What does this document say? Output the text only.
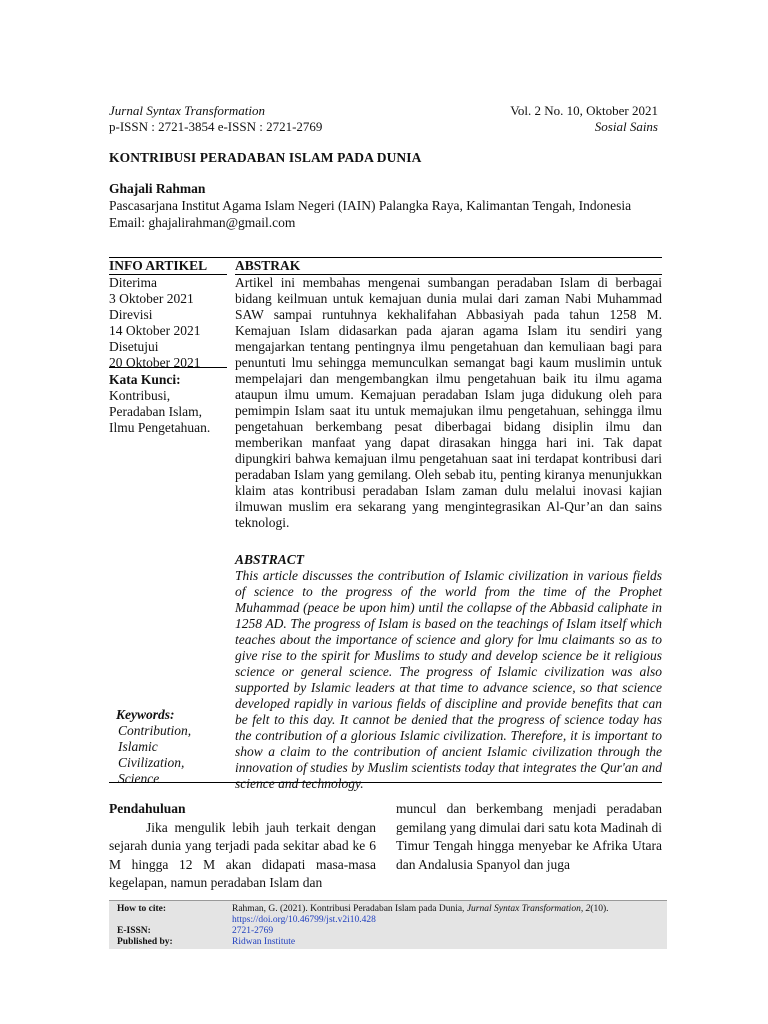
Jurnal Syntax Transformation
p-ISSN : 2721-3854 e-ISSN : 2721-2769
Vol. 2 No. 10, Oktober 2021
Sosial Sains
KONTRIBUSI PERADABAN ISLAM PADA DUNIA

Ghajali Rahman

Pascasarjana Institut Agama Islam Negeri (IAIN) Palangka Raya, Kalimantan Tengah, Indonesia

Email: ghajalirahman@gmail.com

INFO ARTIKEL
Diterima
3 Oktober 2021
Direvisi
14 Oktober 2021
Disetujui
20 Oktober 2021
Kata Kunci:
Kontribusi,
Peradaban Islam,
Ilmu Pengetahuan.

ABSTRAK

Artikel ini membahas mengenai sumbangan peradaban Islam di berbagai bidang keilmuan untuk kemajuan dunia mulai dari zaman Nabi Muhammad SAW sampai runtuhnya kekhalifahan Abbasiyah pada tahun 1258 M. Kemajuan Islam didasarkan pada ajaran agama Islam itu sendiri yang mengajarkan tentang pentingnya ilmu pengetahuan dan kemuliaan bagi para penuntuti lmu sehingga memunculkan semangat bagi kaum muslimin untuk mempelajari dan mengembangkan ilmu pengetahuan baik itu ilmu agama ataupun ilmu umum. Kemajuan peradaban Islam juga didukung oleh para pemimpin Islam saat itu untuk memajukan ilmu pengetahuan, sehingga ilmu pengetahuan berkembang pesat diberbagai bidang disiplin ilmu dan memberikan manfaat yang dapat dirasakan hingga hari ini. Tak dapat dipungkiri bahwa kemajuan ilmu pengetahuan saat ini terdapat kontribusi dari peradaban Islam yang gemilang. Oleh sebab itu, penting kiranya menunjukkan klaim atas kontribusi peradaban Islam zaman dulu melalui inovasi kajian ilmuwan muslim era sekarang yang mengintegrasikan Al-Qur’an dan sains teknologi.

ABSTRACT

This article discusses the contribution of Islamic civilization in various fields of science to the progress of the world from the time of the Prophet Muhammad (peace be upon him) until the collapse of the Abbasid caliphate in 1258 AD. The progress of Islam is based on the teachings of Islam itself which teaches about the importance of science and glory for lmu claimants so as to give rise to the spirit for Muslims to study and develop science be it religious science or general science. The progress of Islamic civilization was also supported by Islamic leaders at that time to advance science, so that science developed rapidly in various fields of discipline and provide benefits that can be felt to this day. It cannot be denied that the progress of science today has the contribution of a glorious Islamic civilization. Therefore, it is important to show a claim to the contribution of ancient Islamic civilization through the innovation of studies by Muslim scientists today that integrates the Qur'an and science and technology.

Keywords:
Contribution,
Islamic
Civilization,
Science

Pendahuluan

Jika mengulik lebih jauh terkait dengan sejarah dunia yang terjadi pada sekitar abad ke 6 M hingga 12 M akan didapati masa-masa kegelapan, namun peradaban Islam dan

muncul dan berkembang menjadi peradaban gemilang yang dimulai dari satu kota Madinah di Timur Tengah hingga menyebar ke Afrika Utara dan Andalusia Spanyol dan juga

How to cite:	Rahman, G. (2021). Kontribusi Peradaban Islam pada Dunia, Jurnal Syntax Transformation, 2(10).
https://doi.org/10.46799/jst.v2i10.428
E-ISSN:	2721-2769
Published by:	Ridwan Institute
